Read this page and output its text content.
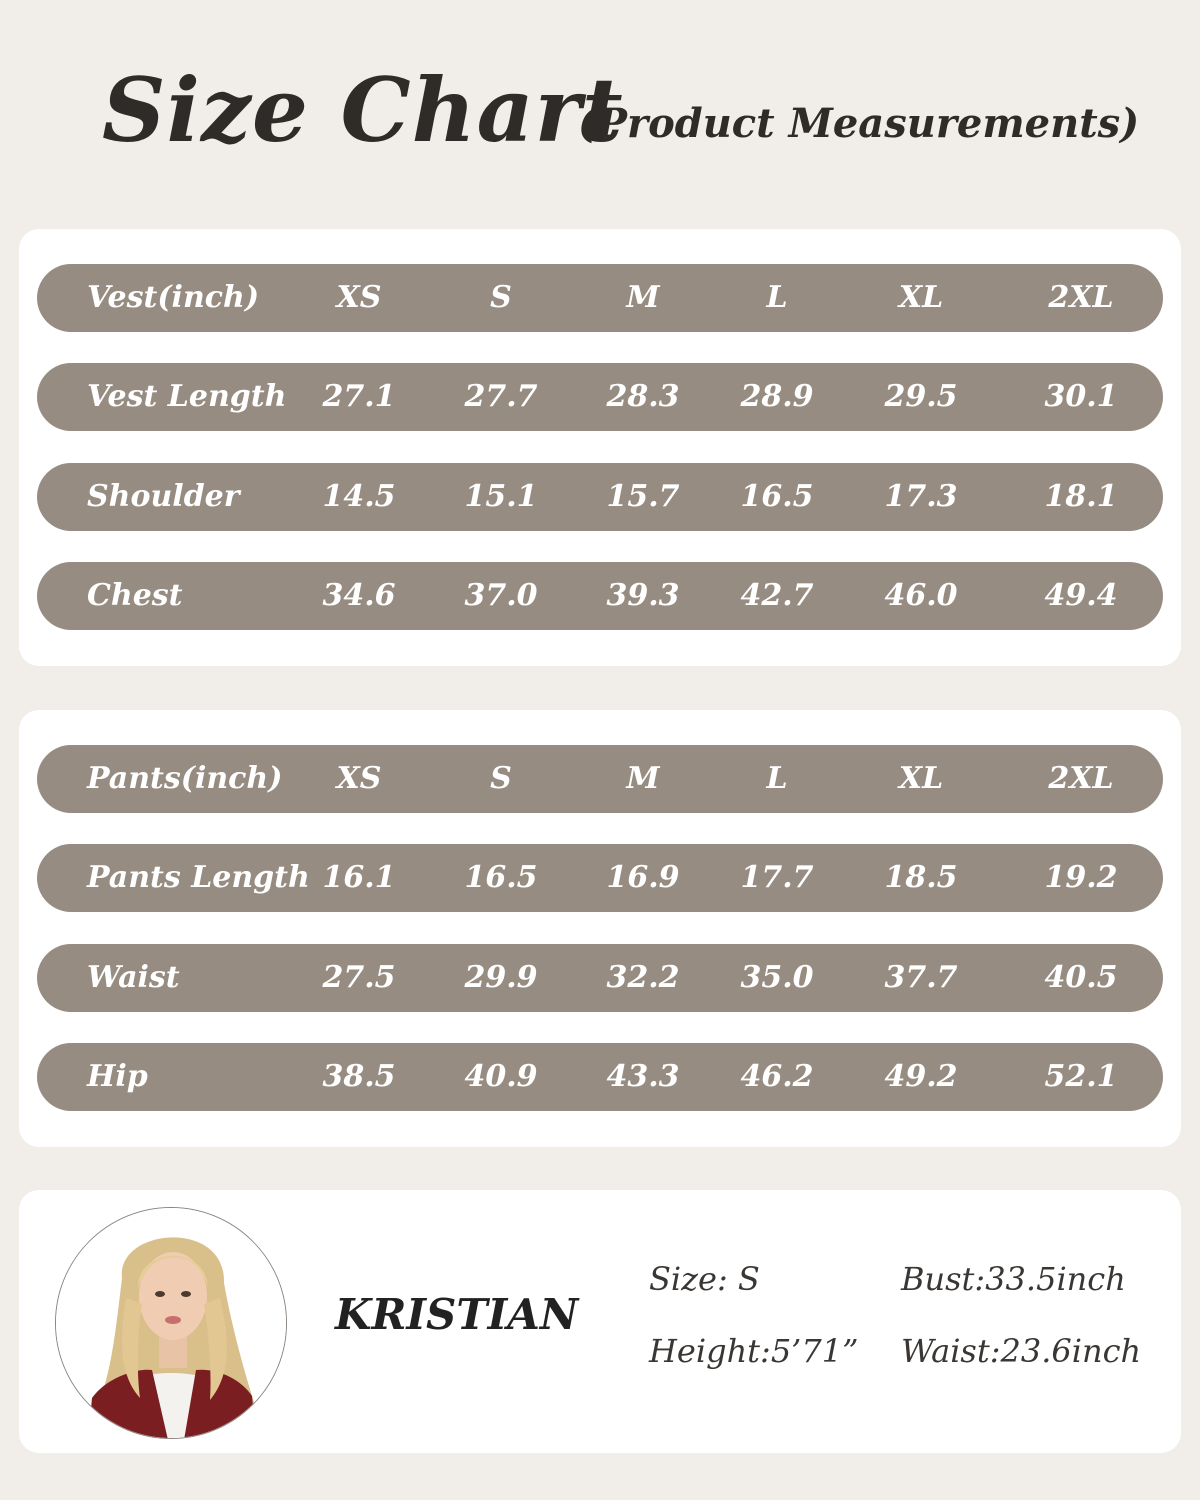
Size Chart
(Product Measurements)
Vest(inch)	XS	S	M	L	XL	2XL
Vest Length	27.1 27.7 28.3 28.9 29.5	30.1
Shoulder	14.5 15.1 15.7 16.5 17.3	18.1
Chest	34.6 37.0 39.3 42.7 46.0	49.4
Pants(inch)	XS	S	M	L	XL	2XL
Pants Length 16.1 16.5 16.9 17.7 18.5	19.2
Waist	27.5 29.9 32.2 35.0 37.7	40.5
Hip	38.5 40.9 43.3 46.2 49.2	52.1
KRISTIAN
Size: S
Height:5’71”
Bust:33.5inch
Waist:23.6inch
